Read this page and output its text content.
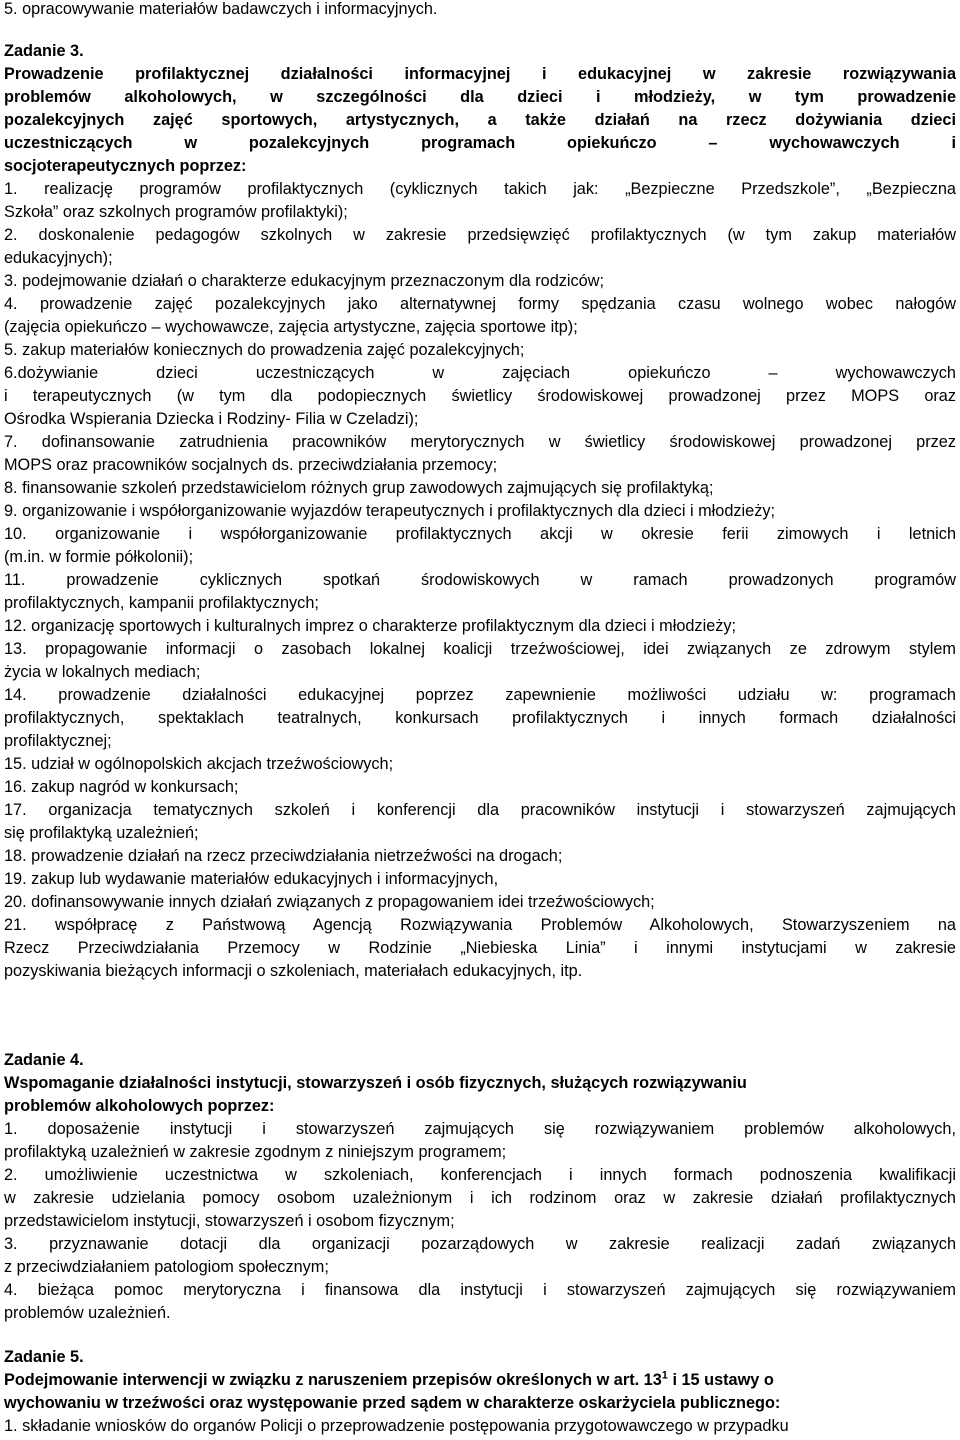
5. opracowywanie materiałów badawczych i informacyjnych.
Zadanie 3.
Prowadzenie profilaktycznej działalności informacyjnej i edukacyjnej w zakresie rozwiązywania
problemów alkoholowych, w szczególności dla dzieci i młodzieży, w tym prowadzenie
pozalekcyjnych zajęć sportowych, artystycznych, a także działań na rzecz dożywiania dzieci
uczestniczących w pozalekcyjnych programach opiekuńczo – wychowawczych i
socjoterapeutycznych poprzez:
1. realizację programów profilaktycznych (cyklicznych takich jak: „Bezpieczne Przedszkole”, „Bezpieczna
Szkoła” oraz szkolnych programów profilaktyki);
2. doskonalenie pedagogów szkolnych w zakresie przedsięwzięć profilaktycznych (w tym zakup materiałów
edukacyjnych);
3. podejmowanie działań o charakterze edukacyjnym przeznaczonym dla rodziców;
4. prowadzenie zajęć pozalekcyjnych jako alternatywnej formy spędzania czasu wolnego wobec nałogów
(zajęcia opiekuńczo – wychowawcze, zajęcia artystyczne, zajęcia sportowe itp);
5. zakup materiałów koniecznych do prowadzenia zajęć pozalekcyjnych;
6.dożywianie dzieci uczestniczących w zajęciach opiekuńczo – wychowawczych
i terapeutycznych (w tym dla podopiecznych świetlicy środowiskowej prowadzonej przez MOPS oraz
Ośrodka Wspierania Dziecka i Rodziny- Filia w Czeladzi);
7. dofinansowanie zatrudnienia pracowników merytorycznych w świetlicy środowiskowej prowadzonej przez
MOPS oraz pracowników socjalnych ds. przeciwdziałania przemocy;
8. finansowanie szkoleń przedstawicielom różnych grup zawodowych zajmujących się profilaktyką;
9. organizowanie i współorganizowanie wyjazdów terapeutycznych i profilaktycznych dla dzieci i młodzieży;
10. organizowanie i współorganizowanie profilaktycznych akcji w okresie ferii zimowych i letnich
(m.in. w formie półkolonii);
11. prowadzenie cyklicznych spotkań środowiskowych w ramach prowadzonych programów
profilaktycznych, kampanii profilaktycznych;
12. organizację sportowych i kulturalnych imprez o charakterze profilaktycznym dla dzieci i młodzieży;
13. propagowanie informacji o zasobach lokalnej koalicji trzeźwościowej, idei związanych ze zdrowym stylem
życia w lokalnych mediach;
14. prowadzenie działalności edukacyjnej poprzez zapewnienie możliwości udziału w: programach
profilaktycznych, spektaklach teatralnych, konkursach profilaktycznych i innych formach działalności
profilaktycznej;
15. udział w ogólnopolskich akcjach trzeźwościowych;
16. zakup nagród w konkursach;
17. organizacja tematycznych szkoleń i konferencji dla pracowników instytucji i stowarzyszeń zajmujących
się profilaktyką uzależnień;
18. prowadzenie działań na rzecz przeciwdziałania nietrzeźwości na drogach;
19. zakup lub wydawanie materiałów edukacyjnych i informacyjnych,
20. dofinansowywanie innych działań związanych z propagowaniem idei trzeźwościowych;
21. współpracę z Państwową Agencją Rozwiązywania Problemów Alkoholowych, Stowarzyszeniem na
Rzecz Przeciwdziałania Przemocy w Rodzinie „Niebieska Linia” i innymi instytucjami w zakresie
pozyskiwania bieżących informacji o szkoleniach, materiałach edukacyjnych, itp.
Zadanie 4.
Wspomaganie działalności instytucji, stowarzyszeń i osób fizycznych, służących rozwiązywaniu
problemów alkoholowych poprzez:
1. doposażenie instytucji i stowarzyszeń zajmujących się rozwiązywaniem problemów alkoholowych,
profilaktyką uzależnień w zakresie zgodnym z niniejszym programem;
2. umożliwienie uczestnictwa w szkoleniach, konferencjach i innych formach podnoszenia kwalifikacji
w zakresie udzielania pomocy osobom uzależnionym i ich rodzinom oraz w zakresie działań profilaktycznych
przedstawicielom instytucji, stowarzyszeń i osobom fizycznym;
3. przyznawanie dotacji dla organizacji pozarządowych w zakresie realizacji zadań związanych
z przeciwdziałaniem patologiom społecznym;
4. bieżąca pomoc merytoryczna i finansowa dla instytucji i stowarzyszeń zajmujących się rozwiązywaniem
problemów uzależnień.
Zadanie 5.
Podejmowanie interwencji w związku z naruszeniem przepisów określonych w art. $13^1$ i 15 ustawy o
wychowaniu w trzeźwości oraz występowanie przed sądem w charakterze oskarżyciela publicznego:
1. składanie wniosków do organów Policji o przeprowadzenie postępowania przygotowawczego w przypadku
